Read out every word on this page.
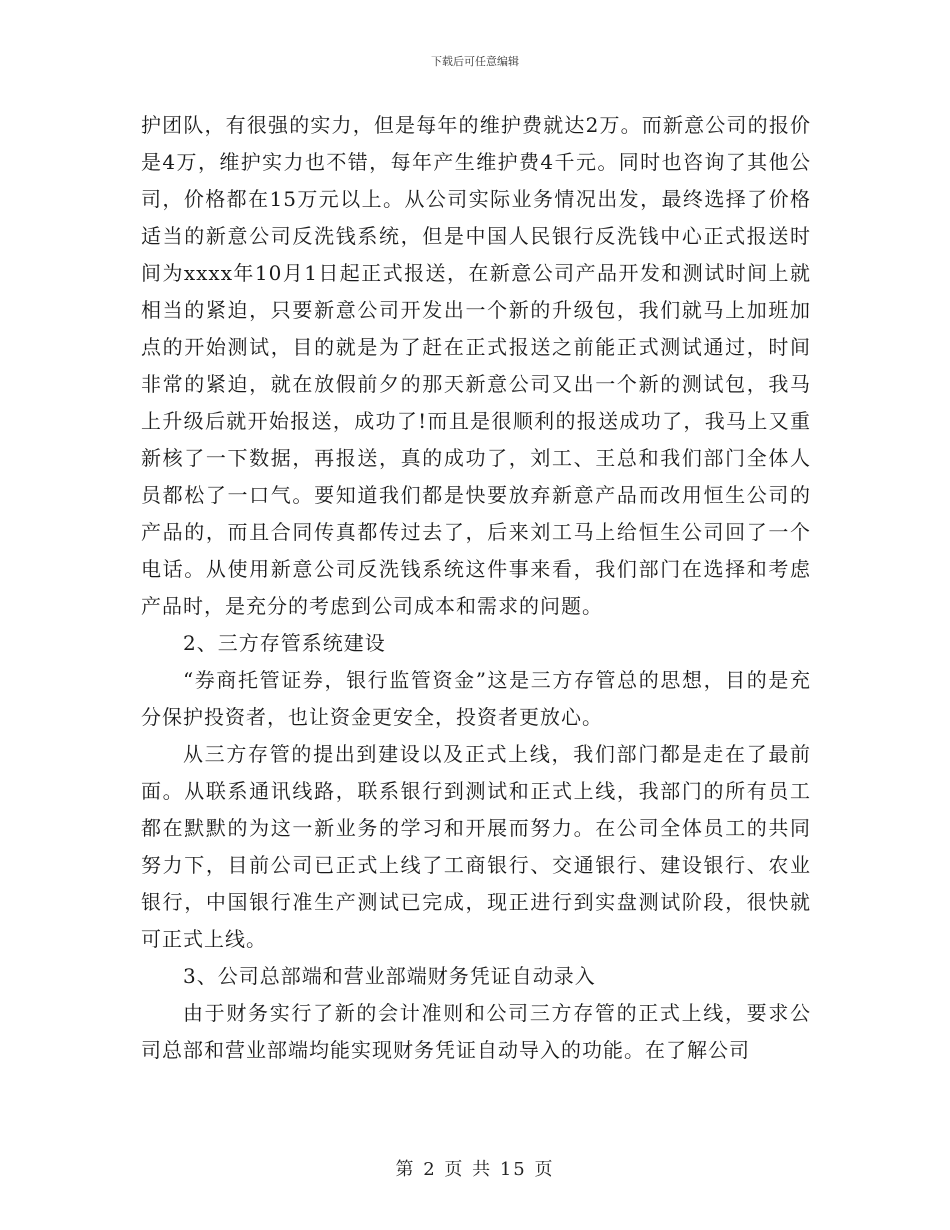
下载后可任意编辑

护团队，有很强的实力，但是每年的维护费就达2万。而新意公司的报价是4万，维护实力也不错，每年产生维护费4千元。同时也咨询了其他公司，价格都在15万元以上。从公司实际业务情况出发，最终选择了价格适当的新意公司反洗钱系统，但是中国人民银行反洗钱中心正式报送时间为xxxx年10月1日起正式报送，在新意公司产品开发和测试时间上就相当的紧迫，只要新意公司开发出一个新的升级包，我们就马上加班加点的开始测试，目的就是为了赶在正式报送之前能正式测试通过，时间非常的紧迫，就在放假前夕的那天新意公司又出一个新的测试包，我马上升级后就开始报送，成功了!而且是很顺利的报送成功了，我马上又重新核了一下数据，再报送，真的成功了，刘工、王总和我们部门全体人员都松了一口气。要知道我们都是快要放弃新意产品而改用恒生公司的产品的，而且合同传真都传过去了，后来刘工马上给恒生公司回了一个电话。从使用新意公司反洗钱系统这件事来看，我们部门在选择和考虑产品时，是充分的考虑到公司成本和需求的问题。

2、三方存管系统建设

“券商托管证券，银行监管资金”这是三方存管总的思想，目的是充分保护投资者，也让资金更安全，投资者更放心。

从三方存管的提出到建设以及正式上线，我们部门都是走在了最前面。从联系通讯线路，联系银行到测试和正式上线，我部门的所有员工都在默默的为这一新业务的学习和开展而努力。在公司全体员工的共同努力下，目前公司已正式上线了工商银行、交通银行、建设银行、农业银行，中国银行准生产测试已完成，现正进行到实盘测试阶段，很快就可正式上线。

3、公司总部端和营业部端财务凭证自动录入

由于财务实行了新的会计准则和公司三方存管的正式上线，要求公司总部和营业部端均能实现财务凭证自动导入的功能。在了解公司

第 2 页 共 15 页
